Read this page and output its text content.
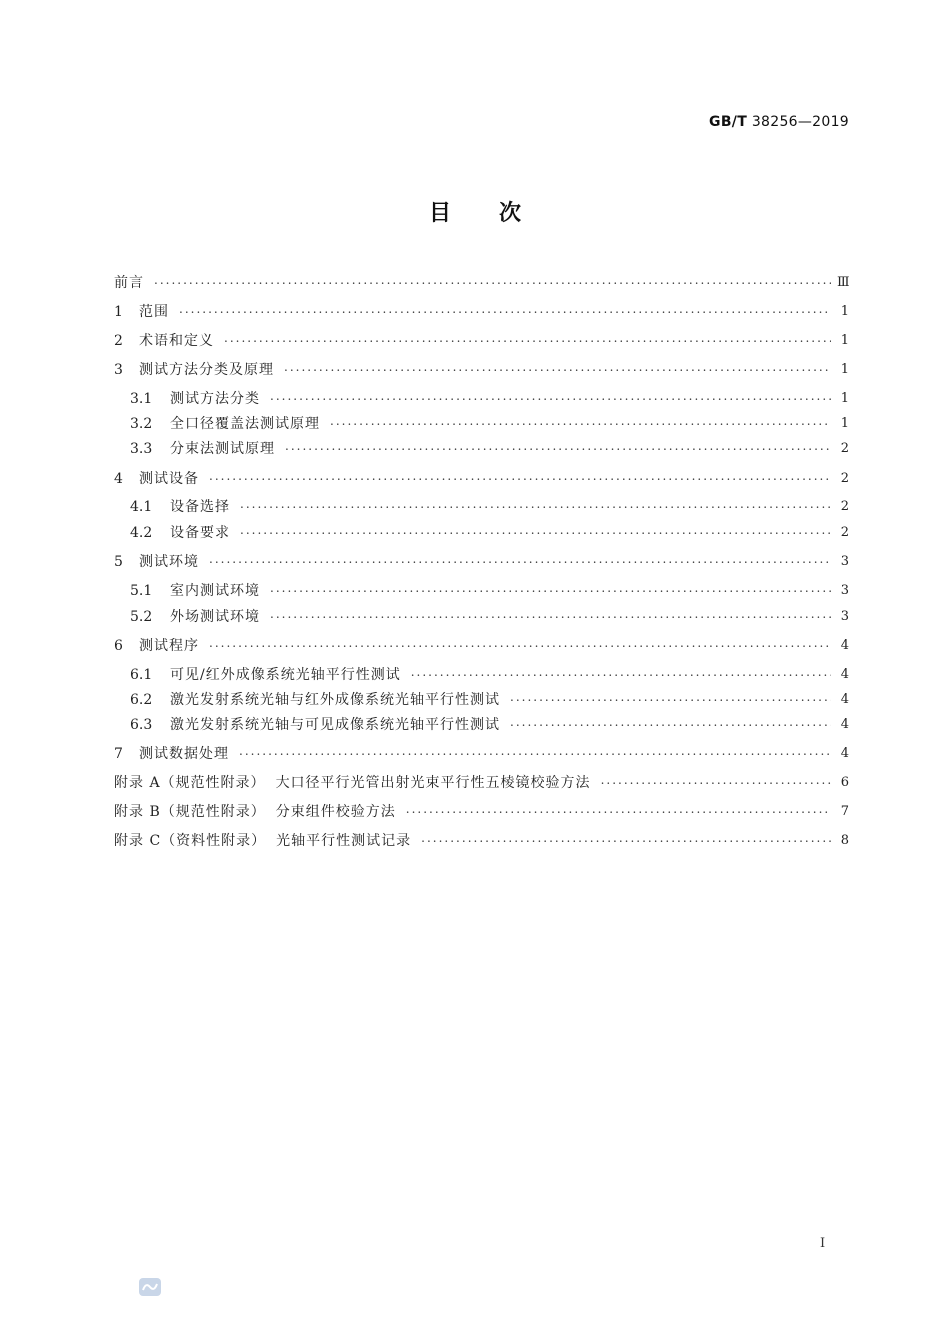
GB/T 38256—2019
目 次
前言 .....	Ⅲ
1	范围 .....	1
2	术语和定义 .....	1
3	测试方法分类及原理 .....	1
3.1	测试方法分类 .....	1
3.2	全口径覆盖法测试原理 .....	1
3.3	分束法测试原理 .....	2
4	测试设备 .....	2
4.1	设备选择 .....	2
4.2	设备要求 .....	2
5	测试环境 .....	3
5.1	室内测试环境 .....	3
5.2	外场测试环境 .....	3
6	测试程序 .....	4
6.1	可见/红外成像系统光轴平行性测试 .....	4
6.2	激光发射系统光轴与红外成像系统光轴平行性测试 .....	4
6.3	激光发射系统光轴与可见成像系统光轴平行性测试 .....	4
7	测试数据处理 .....	4
附录 A（规范性附录） 大口径平行光管出射光束平行性五棱镜校验方法 .....	6
附录 B（规范性附录） 分束组件校验方法 .....	7
附录 C（资料性附录） 光轴平行性测试记录 .....	8
I
